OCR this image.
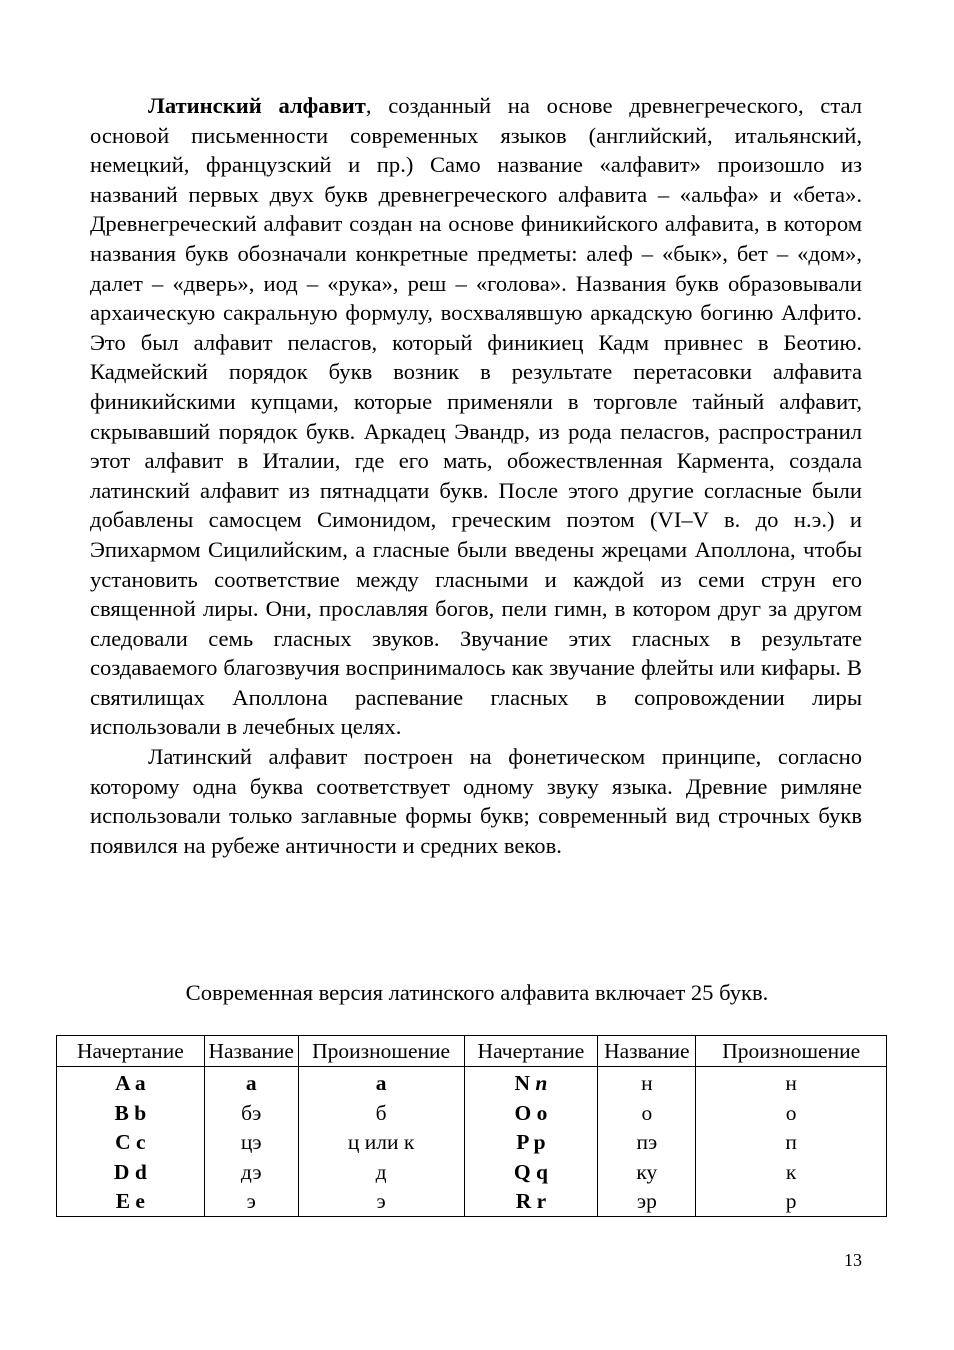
Латинский алфавит, созданный на основе древнегреческого, стал основой письменности современных языков (английский, итальянский, немецкий, французский и пр.) Само название «алфавит» произошло из названий первых двух букв древнегреческого алфавита – «альфа» и «бета». Древнегреческий алфавит создан на основе финикийского алфавита, в котором названия букв обозначали конкретные предметы: алеф – «бык», бет – «дом», далет – «дверь», иод – «рука», реш – «голова». Названия букв образовывали архаическую сакральную формулу, восхвалявшую аркадскую богиню Алфито. Это был алфавит пеласгов, который финикиец Кадм привнес в Беотию. Кадмейский порядок букв возник в результате перетасовки алфавита финикийскими купцами, которые применяли в торговле тайный алфавит, скрывавший порядок букв. Аркадец Эвандр, из рода пеласгов, распространил этот алфавит в Италии, где его мать, обожествленная Кармента, создала латинский алфавит из пятнадцати букв. После этого другие согласные были добавлены самосцем Симонидом, греческим поэтом (VI–V в. до н.э.) и Эпихармом Сицилийским, а гласные были введены жрецами Аполлона, чтобы установить соответствие между гласными и каждой из семи струн его священной лиры. Они, прославляя богов, пели гимн, в котором друг за другом следовали семь гласных звуков. Звучание этих гласных в результате создаваемого благозвучия воспринималось как звучание флейты или кифары. В святилищах Аполлона распевание гласных в сопровождении лиры использовали в лечебных целях.

Латинский алфавит построен на фонетическом принципе, согласно которому одна буква соответствует одному звуку языка. Древние римляне использовали только заглавные формы букв; современный вид строчных букв появился на рубеже античности и средних веков.

Современная версия латинского алфавита включает 25 букв.
Начертание	Название	Произношение	Начертание	Название	Произношение
A a	а	а	N n	н	н
B b	бэ	б	O o	о	о
C c	цэ	ц или к	P p	пэ	п
D d	дэ	д	Q q	ку	к
E e	э	э	R r	эр	р
13
